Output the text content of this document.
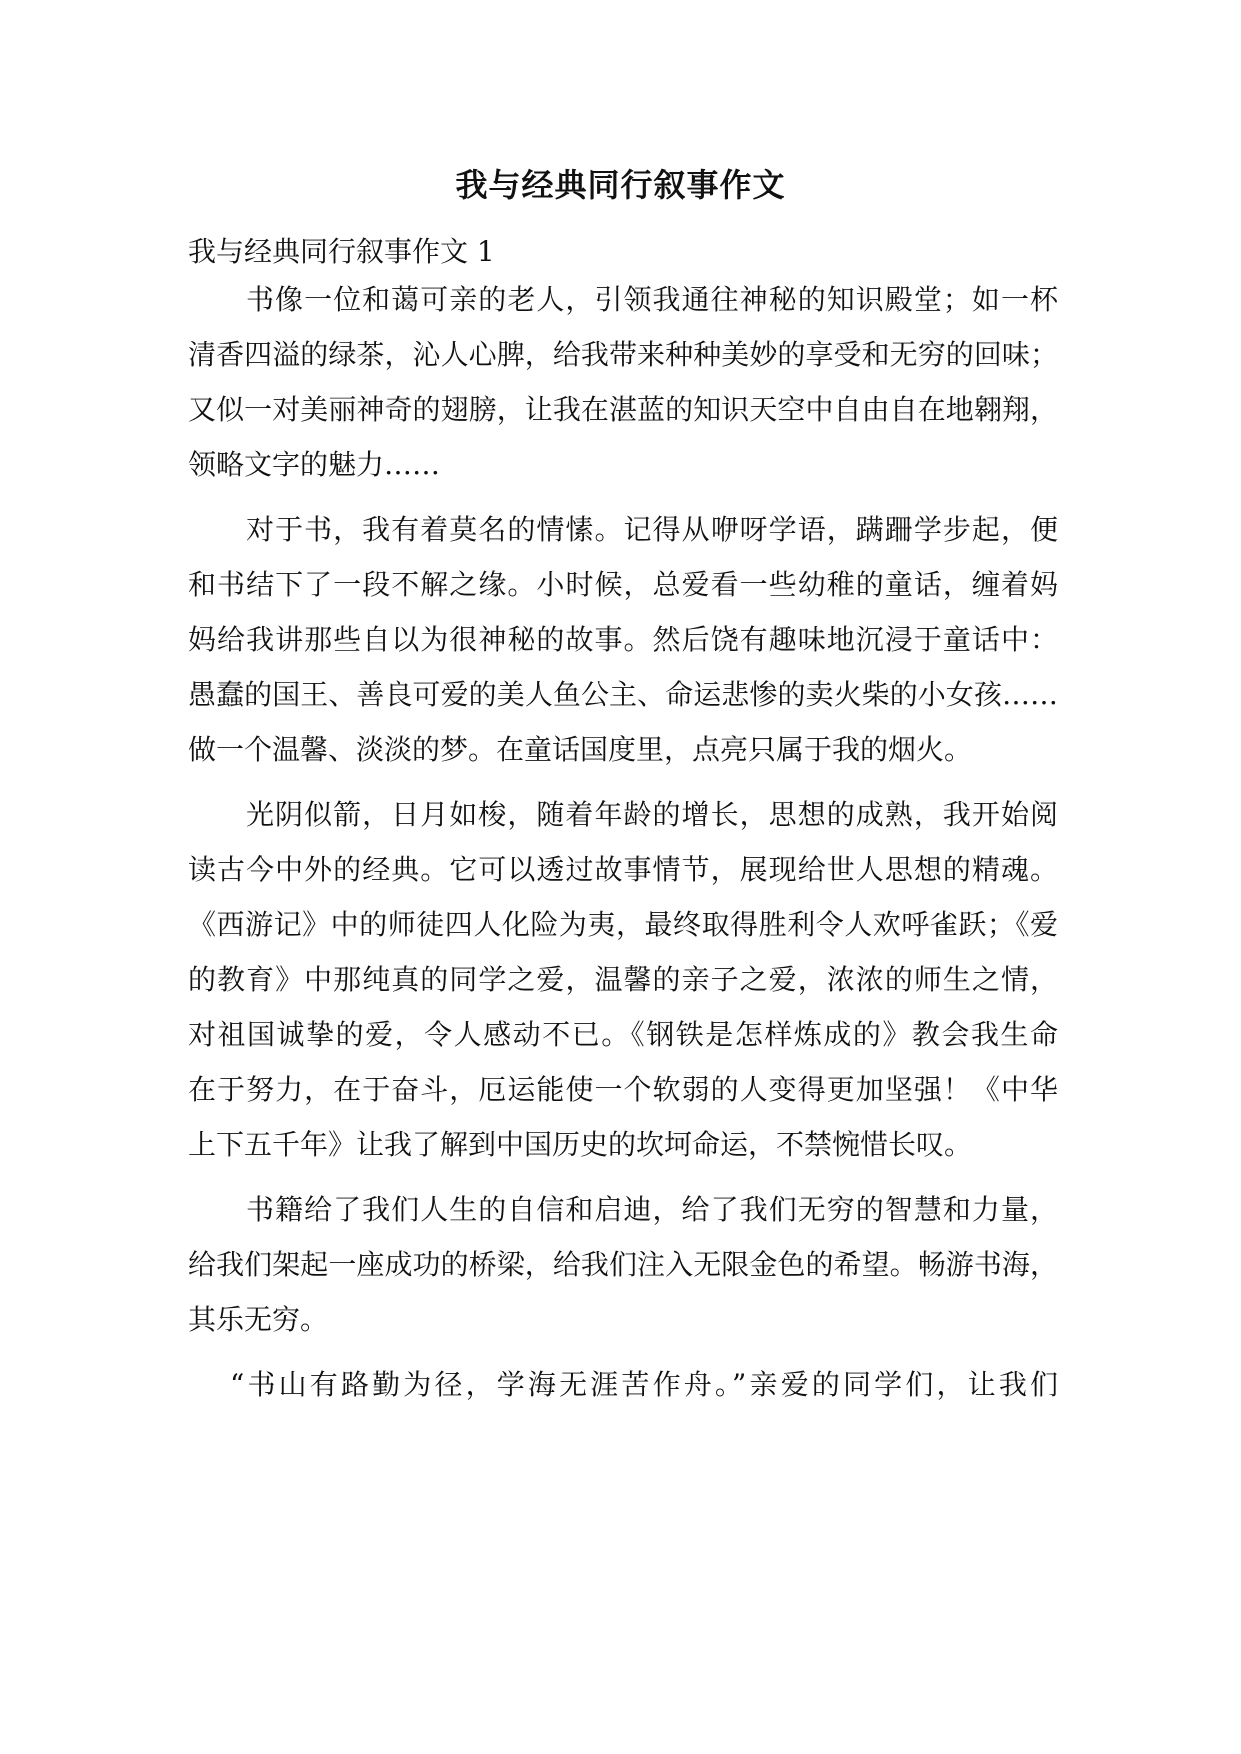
我与经典同行叙事作文

我与经典同行叙事作文 1

书像一位和蔼可亲的老人，引领我通往神秘的知识殿堂；如一杯

清香四溢的绿茶，沁人心脾，给我带来种种美妙的享受和无穷的回味；

又似一对美丽神奇的翅膀，让我在湛蓝的知识天空中自由自在地翱翔，

领略文字的魅力……

对于书，我有着莫名的情愫。记得从咿呀学语，蹒跚学步起，便

和书结下了一段不解之缘。小时候，总爱看一些幼稚的童话，缠着妈

妈给我讲那些自以为很神秘的故事。然后饶有趣味地沉浸于童话中：

愚蠢的国王、善良可爱的美人鱼公主、命运悲惨的卖火柴的小女孩……

做一个温馨、淡淡的梦。在童话国度里，点亮只属于我的烟火。

光阴似箭，日月如梭，随着年龄的增长，思想的成熟，我开始阅

读古今中外的经典。它可以透过故事情节，展现给世人思想的精魂。

《西游记》中的师徒四人化险为夷，最终取得胜利令人欢呼雀跃；《爱

的教育》中那纯真的同学之爱，温馨的亲子之爱，浓浓的师生之情，

对祖国诚挚的爱，令人感动不已。《钢铁是怎样炼成的》教会我生命

在于努力，在于奋斗，厄运能使一个软弱的人变得更加坚强！《中华

上下五千年》让我了解到中国历史的坎坷命运，不禁惋惜长叹。

书籍给了我们人生的自信和启迪，给了我们无穷的智慧和力量，

给我们架起一座成功的桥梁，给我们注入无限金色的希望。畅游书海，

其乐无穷。

“书山有路勤为径，学海无涯苦作舟。”亲爱的同学们，让我们
